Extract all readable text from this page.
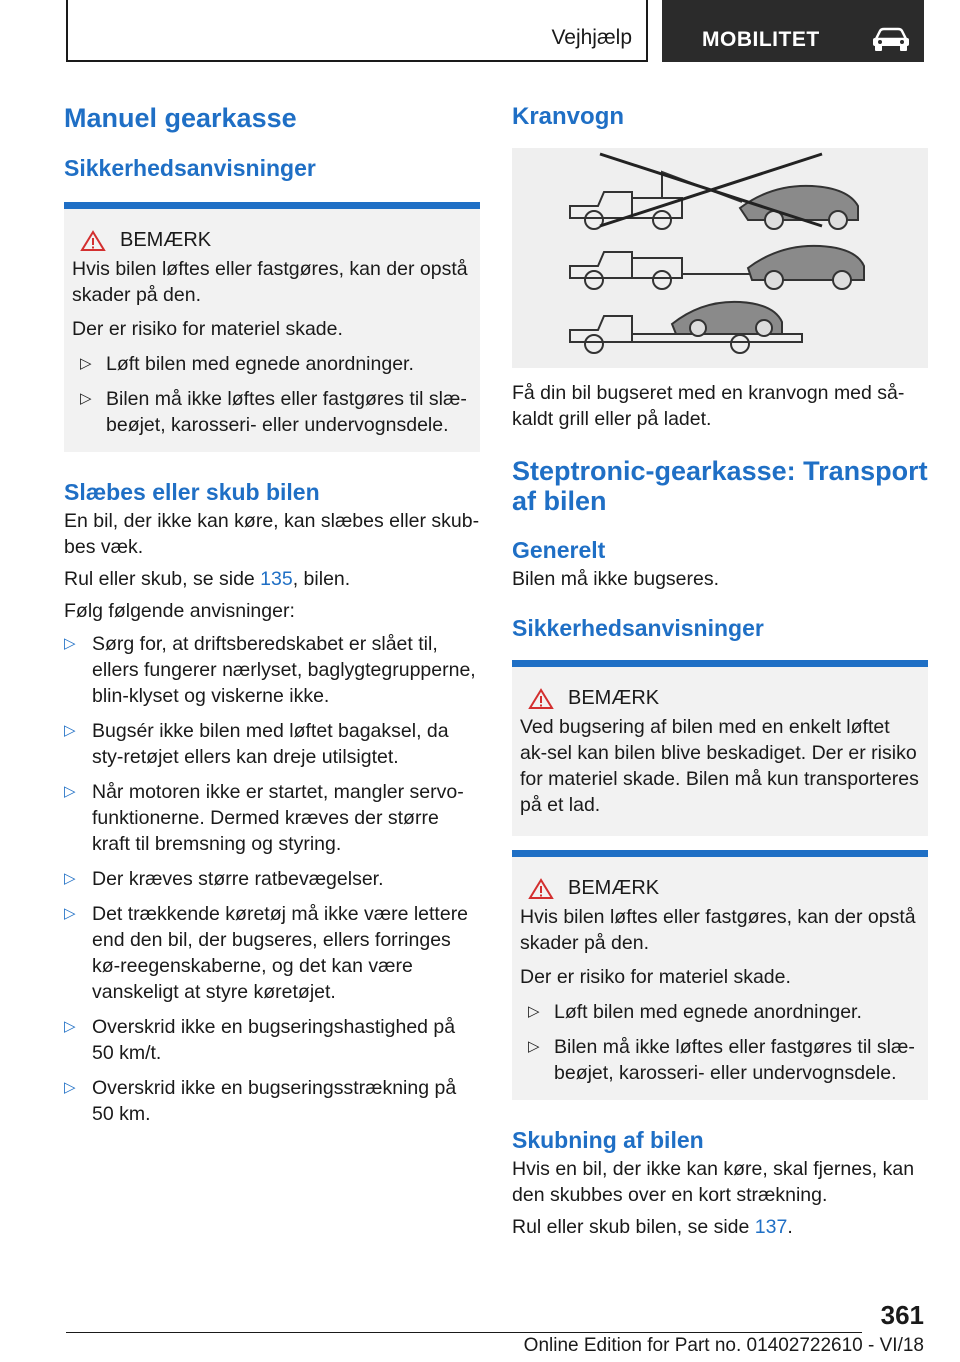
Vejhjælp	MOBILITET
Manuel gearkasse
Sikkerhedsanvisninger
BEMÆRK

Hvis bilen løftes eller fastgøres, kan der opstå skader på den.

Der er risiko for materiel skade.

▷ Løft bilen med egnede anordninger.
▷ Bilen må ikke løftes eller fastgøres til slæ-beøjet, karosseri- eller undervognsdele.
Slæbes eller skub bilen

En bil, der ikke kan køre, kan slæbes eller skub-bes væk.

Rul eller skub, se side 135, bilen.

Følg følgende anvisninger:

▷ Sørg for, at driftsberedskabet er slået til, ellers fungerer nærlyset, baglygtegrupperne, blin-klyset og viskerne ikke.
▷ Bugsér ikke bilen med løftet bagaksel, da sty-retøjet ellers kan dreje utilsigtet.
▷ Når motoren ikke er startet, mangler servo-funktionerne. Dermed kræves der større kraft til bremsning og styring.
▷ Der kræves større ratbevægelser.
▷ Det trækkende køretøj må ikke være lettere end den bil, der bugseres, ellers forringes kø-reegenskaberne, og det kan være vanskeligt at styre køretøjet.
▷ Overskrid ikke en bugseringshastighed på 50 km/t.
▷ Overskrid ikke en bugseringsstrækning på 50 km.
Kranvogn

Få din bil bugseret med en kranvogn med så-kaldt grill eller på ladet.

Steptronic-gearkasse: Transport af bilen
Generelt

Bilen må ikke bugseres.

Sikkerhedsanvisninger
BEMÆRK

Ved bugsering af bilen med en enkelt løftet ak-sel kan bilen blive beskadiget. Der er risiko for materiel skade. Bilen må kun transporteres på et lad.

BEMÆRK

Hvis bilen løftes eller fastgøres, kan der opstå skader på den.

Der er risiko for materiel skade.

▷ Løft bilen med egnede anordninger.
▷ Bilen må ikke løftes eller fastgøres til slæ-beøjet, karosseri- eller undervognsdele.
Skubning af bilen

Hvis en bil, der ikke kan køre, skal fjernes, kan den skubbes over en kort strækning.

Rul eller skub bilen, se side 137.

361
Online Edition for Part no. 01402722610 - VI/18
